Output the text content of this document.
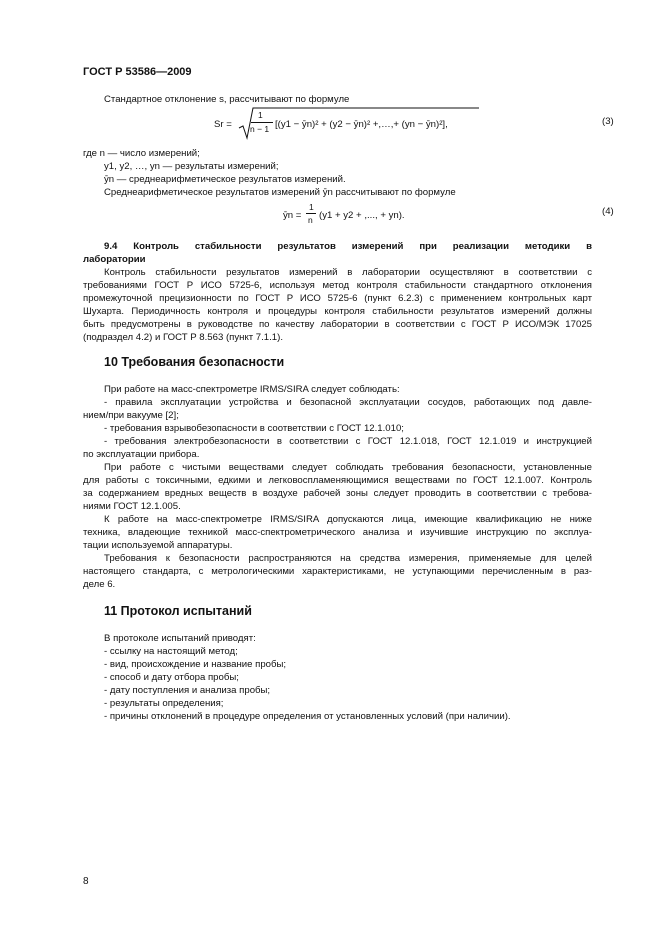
ГОСТ Р 53586—2009
Стандартное отклонение s, рассчитывают по формуле
Sr =
1
n − 1 [(y1 − ȳn)² + (y2 − ȳn)² +,…,+ (yn − ȳn)²],	(3)
где n — число измерений;
y1, y2, …, yn — результаты измерений;
ȳn — среднеарифметическое результатов измерений.
Среднеарифметическое результатов измерений ȳn рассчитывают по формуле
ȳn =
1
n (y1 + y2 + ,..., + yn).	(4)
9.4 Контроль стабильности результатов измерений при реализации методики в
лаборатории
Контроль стабильности результатов измерений в лаборатории осуществляют в соответствии с
требованиями ГОСТ Р ИСО 5725-6, используя метод контроля стабильности стандартного отклонения
промежуточной прецизионности по ГОСТ Р ИСО 5725-6 (пункт 6.2.3) с применением контрольных карт
Шухарта. Периодичность контроля и процедуры контроля стабильности результатов измерений должны
быть предусмотрены в руководстве по качеству лаборатории в соответствии с ГОСТ Р ИСО/МЭК 17025
(подраздел 4.2) и ГОСТ Р 8.563 (пункт 7.1.1).
10 Требования безопасности
При работе на масс-спектрометре IRMS/SIRA следует соблюдать:
- правила эксплуатации устройства и безопасной эксплуатации сосудов, работающих под давле-
нием/при вакууме [2];
- требования взрывобезопасности в соответствии с ГОСТ 12.1.010;
- требования электробезопасности в соответствии с ГОСТ 12.1.018, ГОСТ 12.1.019 и инструкцией
по эксплуатации прибора.
При работе с чистыми веществами следует соблюдать требования безопасности, установленные
для работы с токсичными, едкими и легковоспламеняющимися веществами по ГОСТ 12.1.007. Контроль
за содержанием вредных веществ в воздухе рабочей зоны следует проводить в соответствии с требова-
ниями ГОСТ 12.1.005.
К работе на масс-спектрометре IRMS/SIRA допускаются лица, имеющие квалификацию не ниже
техника, владеющие техникой масс-спектрометрического анализа и изучившие инструкцию по эксплуа-
тации используемой аппаратуры.
Требования к безопасности распространяются на средства измерения, применяемые для целей
настоящего стандарта, с метрологическими характеристиками, не уступающими перечисленным в раз-
деле 6.
11 Протокол испытаний
В протоколе испытаний приводят:
- ссылку на настоящий метод;
- вид, происхождение и название пробы;
- способ и дату отбора пробы;
- дату поступления и анализа пробы;
- результаты определения;
- причины отклонений в процедуре определения от установленных условий (при наличии).
8
